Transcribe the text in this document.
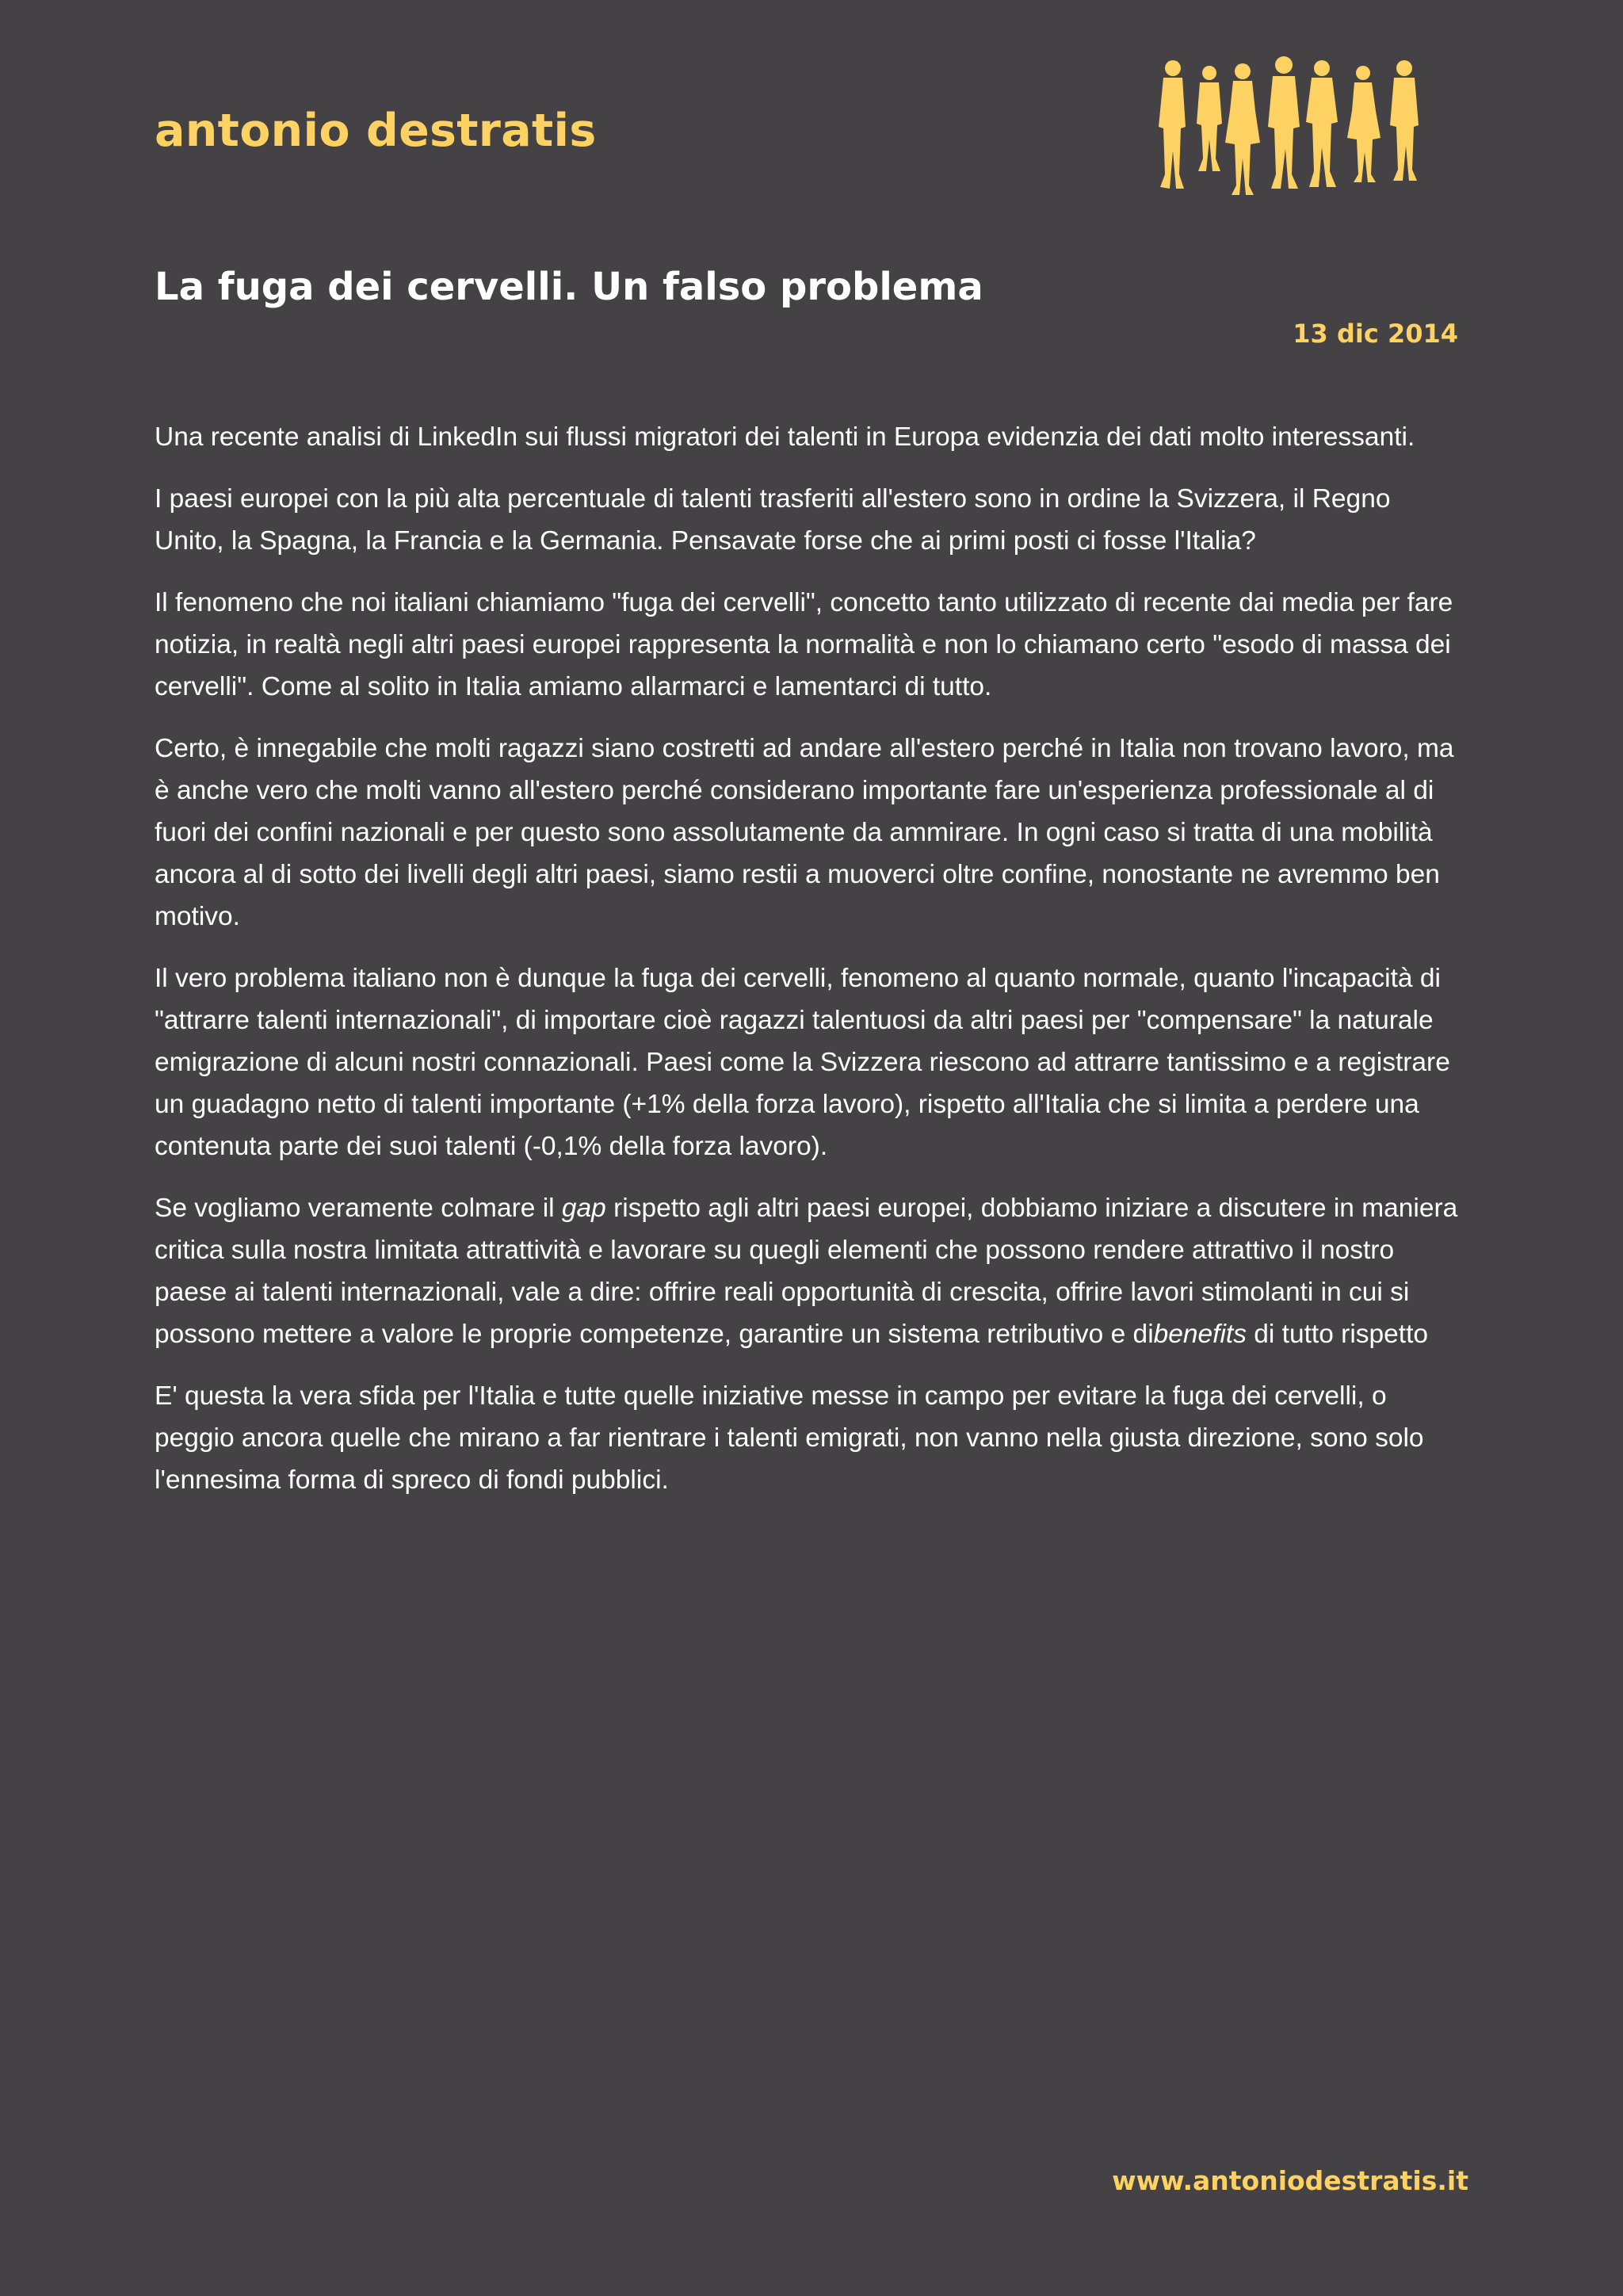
antonio destratis
La fuga dei cervelli. Un falso problema
13 dic 2014

Una recente analisi di LinkedIn sui flussi migratori dei talenti in Europa evidenzia dei dati molto interessanti.

I paesi europei con la più alta percentuale di talenti trasferiti all'estero sono in ordine la Svizzera, il Regno Unito, la Spagna, la Francia e la Germania. Pensavate forse che ai primi posti ci fosse l'Italia?

Il fenomeno che noi italiani chiamiamo "fuga dei cervelli", concetto tanto utilizzato di recente dai media per fare notizia, in realtà negli altri paesi europei rappresenta la normalità e non lo chiamano certo "esodo di massa dei cervelli". Come al solito in Italia amiamo allarmarci e lamentarci di tutto.

Certo, è innegabile che molti ragazzi siano costretti ad andare all'estero perché in Italia non trovano lavoro, ma è anche vero che molti vanno all'estero perché considerano importante fare un'esperienza professionale al di fuori dei confini nazionali e per questo sono assolutamente da ammirare. In ogni caso si tratta di una mobilità ancora al di sotto dei livelli degli altri paesi, siamo restii a muoverci oltre confine, nonostante ne avremmo ben motivo.

Il vero problema italiano non è dunque la fuga dei cervelli, fenomeno al quanto normale, quanto l'incapacità di "attrarre talenti internazionali", di importare cioè ragazzi talentuosi da altri paesi per "compensare" la naturale emigrazione di alcuni nostri connazionali. Paesi come la Svizzera riescono ad attrarre tantissimo e a registrare un guadagno netto di talenti importante (+1% della forza lavoro), rispetto all'Italia che si limita a perdere una contenuta parte dei suoi talenti (-0,1% della forza lavoro).

Se vogliamo veramente colmare il gap rispetto agli altri paesi europei, dobbiamo iniziare a discutere in maniera critica sulla nostra limitata attrattività e lavorare su quegli elementi che possono rendere attrattivo il nostro paese ai talenti internazionali, vale a dire: offrire reali opportunità di crescita, offrire lavori stimolanti in cui si possono mettere a valore le proprie competenze, garantire un sistema retributivo e dibenefits di tutto rispetto

E' questa la vera sfida per l'Italia e tutte quelle iniziative messe in campo per evitare la fuga dei cervelli, o peggio ancora quelle che mirano a far rientrare i talenti emigrati, non vanno nella giusta direzione, sono solo l'ennesima forma di spreco di fondi pubblici.

www.antoniodestratis.it
